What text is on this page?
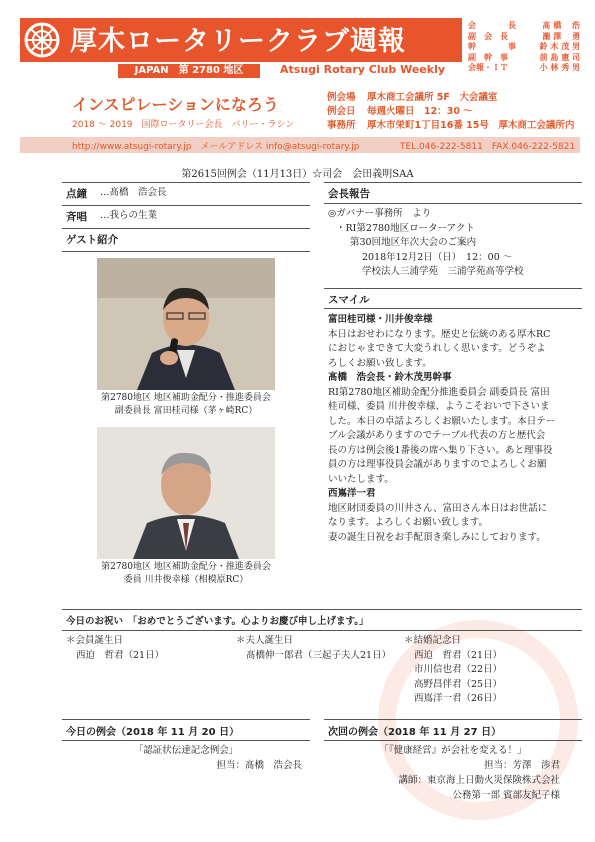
厚木ロータリークラブ週報
JAPAN　第 2780 地区	Atsugi Rotary Club Weekly
会　　　　長	髙 橋　 浩
副　会　長	瀧 澤　 勇
幹　　　　事	鈴 木 茂 男
副　幹　事	前 島 憲 司
会報・ＩＴ	小 林 秀 男
インスピレーションになろう
2018 ～ 2019　国際ロータリー会長　バリー・ラシン
例会場 厚木商工会議所 5F　大会議室
例会日 毎週火曜日　12：30 ～
事務所 厚木市栄町1丁目16番 15号　厚木商工会議所内
http://www.atsugi-rotary.jp　メールアドレス info@atsugi-rotary.jp	TEL.046-222-5811　FAX.046-222-5821
第2615回例会（11月13日）☆司会　会田義明SAA
点鐘 …髙橋　浩会長
斉唱 …我らの生業
ゲスト紹介
第2780地区 地区補助金配分・推進委員会
副委員長 富田桂司様（茅ヶ崎RC）
第2780地区 地区補助金配分・推進委員会
委員 川井俊幸様（相模原RC）
会長報告
◎ガバナー事務所　より
・RI第2780地区ローターアクト
第30回地区年次大会のご案内
2018年12月2日（日）　12：00 ～
学校法人三浦学苑　三浦学苑高等学校
スマイル
富田桂司様・川井俊幸様
本日はおせわになります。歴史と伝統のある厚木RC
におじゃまできて大変うれしく思います。どうぞよ
ろしくお願い致します。
髙橋　浩会長・鈴木茂男幹事
RI第2780地区補助金配分推進委員会 副委員長 富田
桂司様、委員 川井俊幸様、ようこそおいで下さいま
した。本日の卓話よろしくお願いたします。本日テー
ブル会議がありますのでテーブル代表の方と歴代会
長の方は例会後1番後の席へ集り下さい。あと理事役
員の方は理事役員会議がありますのでよろしくお願
いいたします。
西嶌洋一君
地区財団委員の川井さん、富田さん本日はお世話に
なります。よろしくお願い致します。
妻の誕生日祝をお手配頂き楽しみにしております。
今日のお祝い　「おめでとうございます。心よりお慶び申し上げます。」
＊会員誕生日
西迫　哲君（21日）
＊夫人誕生日
髙橋伸一郎君（三起子夫人21日）
＊結婚記念日
西迫　哲君（21日）
市川信也君（22日）
高野昌伴君（25日）
西嶌洋一君（26日）
今日の例会（2018 年 11 月 20 日）
「認証状伝達記念例会」
担当：髙橋　浩会長
次回の例会（2018 年 11 月 27 日）
「『健康経営』が会社を変える！」
担当：芳澤　渉君
講師：東京海上日動火災保険株式会社
公務第一部 賓部友紀子様
